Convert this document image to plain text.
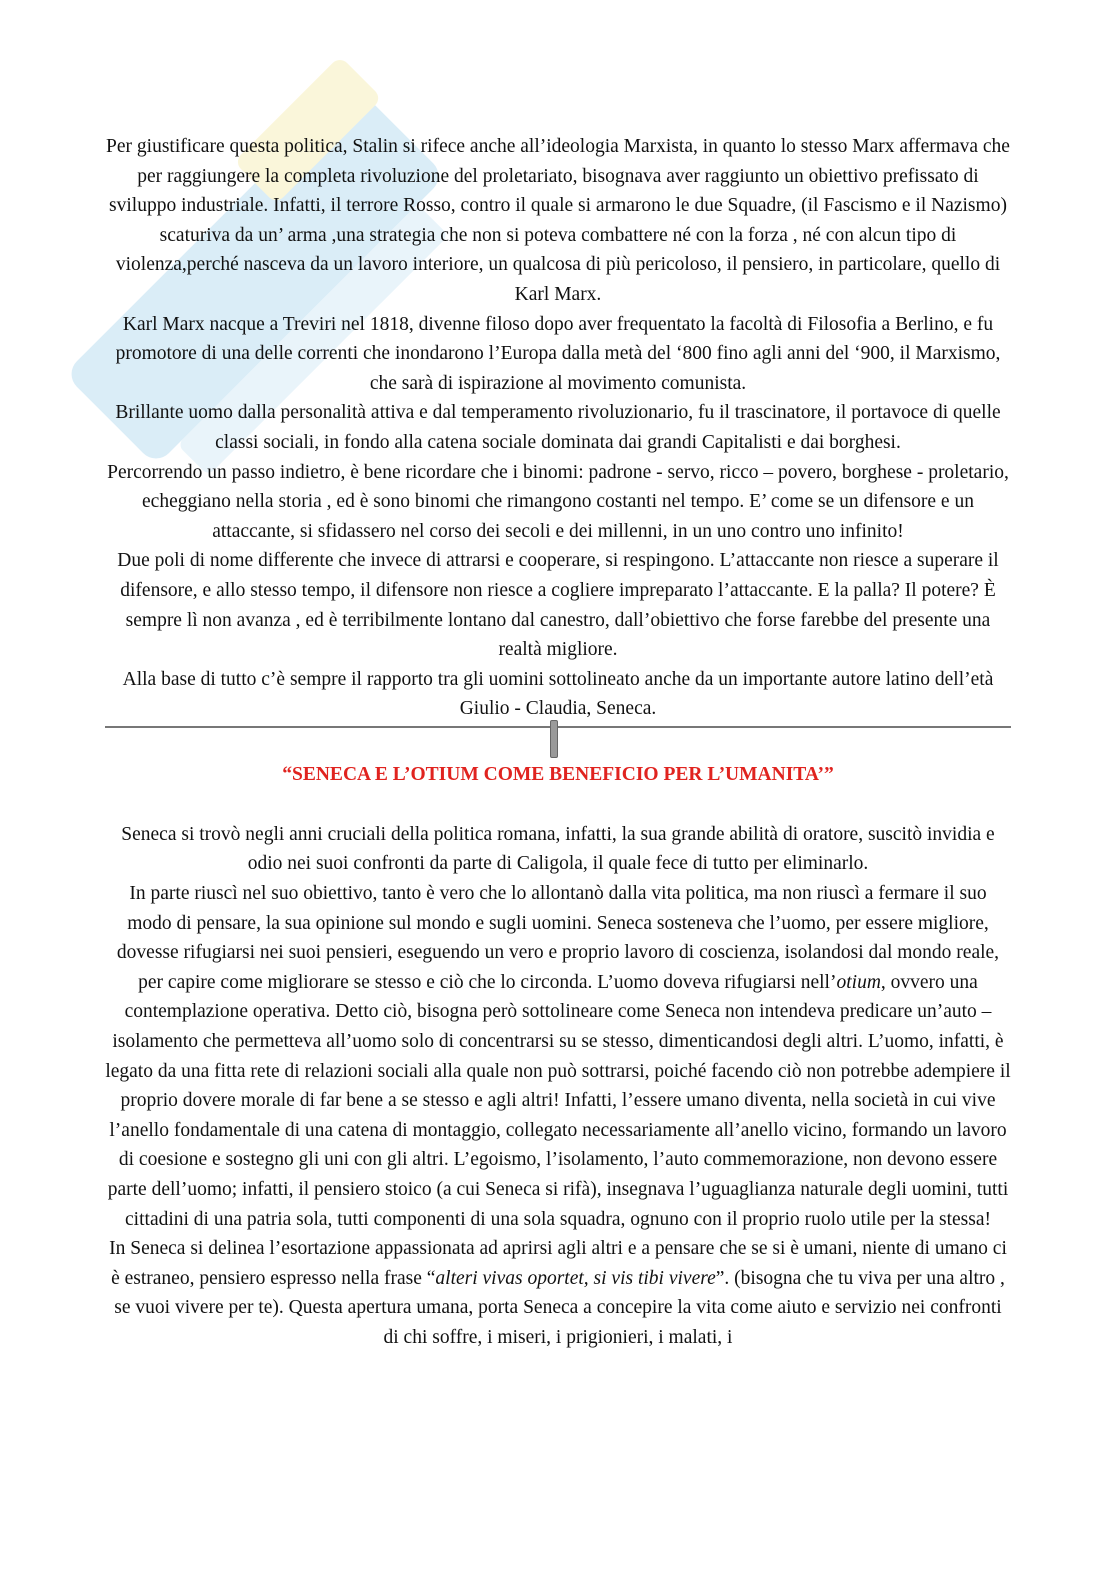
Per giustificare questa politica, Stalin si rifece anche all’ideologia Marxista, in quanto lo stesso Marx affermava che per raggiungere la completa rivoluzione del proletariato, bisognava aver raggiunto un obiettivo prefissato di sviluppo industriale. Infatti, il terrore Rosso, contro il quale si armarono le due Squadre, (il Fascismo e il Nazismo) scaturiva da un’ arma ,una strategia che non si poteva combattere né con la forza , né con alcun tipo di violenza,perché nasceva da un lavoro interiore, un qualcosa di più pericoloso, il pensiero, in particolare, quello di Karl Marx.

Karl Marx nacque a Treviri nel 1818, divenne filoso dopo aver frequentato la facoltà di Filosofia a Berlino, e fu promotore di una delle correnti che inondarono l’Europa dalla metà del ‘800 fino agli anni del ‘900, il Marxismo, che sarà di ispirazione al movimento comunista.

Brillante uomo dalla personalità attiva e dal temperamento rivoluzionario, fu il trascinatore, il portavoce di quelle classi sociali, in fondo alla catena sociale dominata dai grandi Capitalisti e dai borghesi.

Percorrendo un passo indietro, è bene ricordare che i binomi: padrone - servo, ricco – povero, borghese - proletario, echeggiano nella storia , ed è sono binomi che rimangono costanti nel tempo. E’ come se un difensore e un attaccante, si sfidassero nel corso dei secoli e dei millenni, in un uno contro uno infinito!

Due poli di nome differente che invece di attrarsi e cooperare, si respingono. L’attaccante non riesce a superare il difensore, e allo stesso tempo, il difensore non riesce a cogliere impreparato l’attaccante. E la palla? Il potere? È sempre lì non avanza , ed è terribilmente lontano dal canestro, dall’obiettivo che forse farebbe del presente una realtà migliore.

Alla base di tutto c’è sempre il rapporto tra gli uomini sottolineato anche da un importante autore latino dell’età Giulio - Claudia, Seneca.

“SENECA E L’OTIUM COME BENEFICIO PER L’UMANITA’”

Seneca si trovò negli anni cruciali della politica romana, infatti, la sua grande abilità di oratore, suscitò invidia e odio nei suoi confronti da parte di Caligola, il quale fece di tutto per eliminarlo.

In parte riuscì nel suo obiettivo, tanto è vero che lo allontanò dalla vita politica, ma non riuscì a fermare il suo modo di pensare, la sua opinione sul mondo e sugli uomini. Seneca sosteneva che l’uomo, per essere migliore, dovesse rifugiarsi nei suoi pensieri, eseguendo un vero e proprio lavoro di coscienza, isolandosi dal mondo reale, per capire come migliorare se stesso e ciò che lo circonda. L’uomo doveva rifugiarsi nell’otium, ovvero una contemplazione operativa. Detto ciò, bisogna però sottolineare come Seneca non intendeva predicare un’auto – isolamento che permetteva all’uomo solo di concentrarsi su se stesso, dimenticandosi degli altri. L’uomo, infatti, è legato da una fitta rete di relazioni sociali alla quale non può sottrarsi, poiché facendo ciò non potrebbe adempiere il proprio dovere morale di far bene a se stesso e agli altri! Infatti, l’essere umano diventa, nella società in cui vive l’anello fondamentale di una catena di montaggio, collegato necessariamente all’anello vicino, formando un lavoro di coesione e sostegno gli uni con gli altri. L’egoismo, l’isolamento, l’auto commemorazione, non devono essere parte dell’uomo; infatti, il pensiero stoico (a cui Seneca si rifà), insegnava l’uguaglianza naturale degli uomini, tutti cittadini di una patria sola, tutti componenti di una sola squadra, ognuno con il proprio ruolo utile per la stessa!

In Seneca si delinea l’esortazione appassionata ad aprirsi agli altri e a pensare che se si è umani, niente di umano ci è estraneo, pensiero espresso nella frase “alteri vivas oportet, si vis tibi vivere”. (bisogna che tu viva per una altro , se vuoi vivere per te). Questa apertura umana, porta Seneca a concepire la vita come aiuto e servizio nei confronti di chi soffre, i miseri, i prigionieri, i malati, i
